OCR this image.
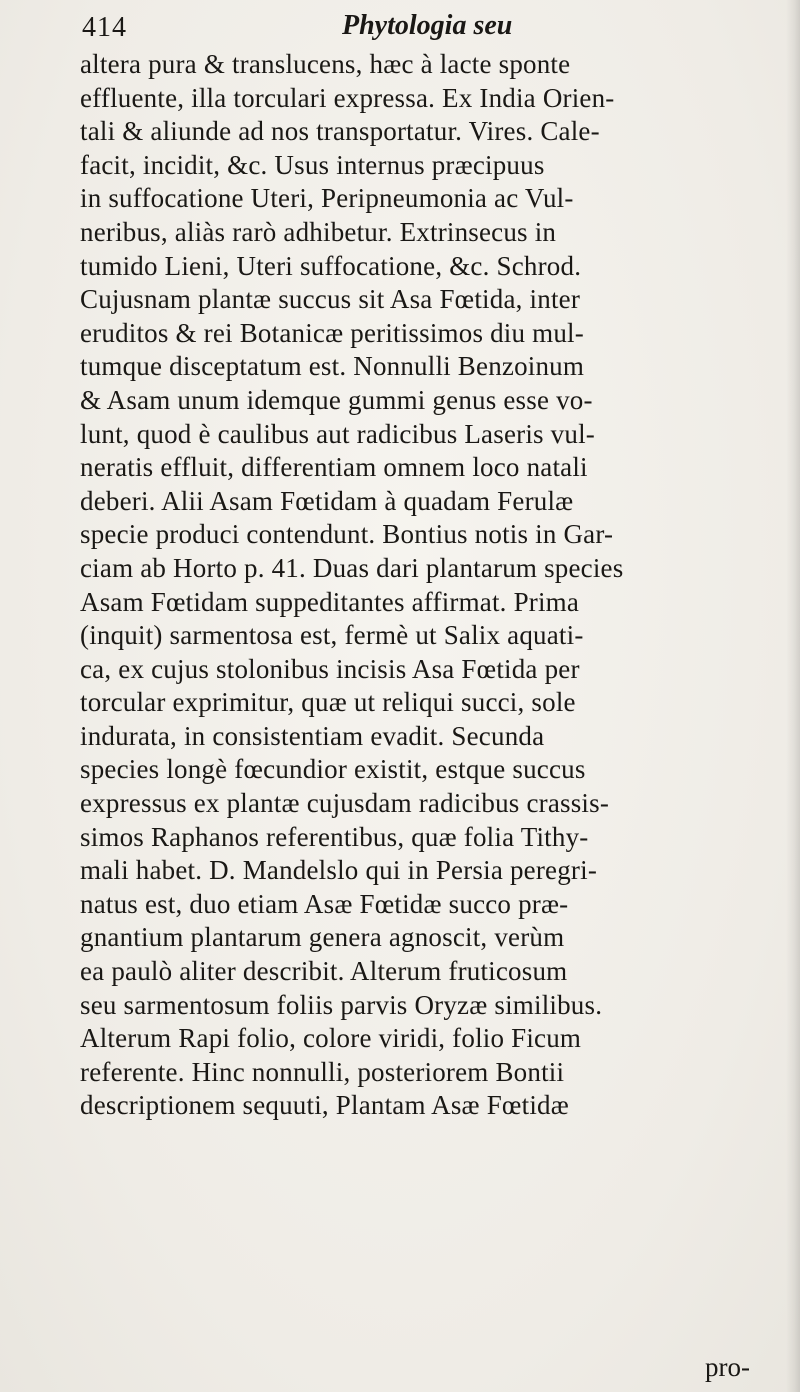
414	Phytologia seu
altera pura & translucens, hæc à lacte sponte
effluente, illa torculari expressa. Ex India Orien-
tali & aliunde ad nos transportatur. Vires. Cale-
facit, incidit, &c. Usus internus præcipuus
in suffocatione Uteri, Peripneumonia ac Vul-
neribus, aliàs rarò adhibetur. Extrinsecus in
tumido Lieni, Uteri suffocatione, &c. Schrod.
Cujusnam plantæ succus sit Asa Fœtida, inter
eruditos & rei Botanicæ peritissimos diu mul-
tumque disceptatum est. Nonnulli Benzoinum
& Asam unum idemque gummi genus esse vo-
lunt, quod è caulibus aut radicibus Laseris vul-
neratis effluit, differentiam omnem loco natali
deberi. Alii Asam Fœtidam à quadam Ferulæ
specie produci contendunt. Bontius notis in Gar-
ciam ab Horto p. 41. Duas dari plantarum species
Asam Fœtidam suppeditantes affirmat. Prima
(inquit) sarmentosa est, fermè ut Salix aquati-
ca, ex cujus stolonibus incisis Asa Fœtida per
torcular exprimitur, quæ ut reliqui succi, sole
indurata, in consistentiam evadit. Secunda
species longè fœcundior existit, estque succus
expressus ex plantæ cujusdam radicibus crassis-
simos Raphanos referentibus, quæ folia Tithy-
mali habet. D. Mandelslo qui in Persia peregri-
natus est, duo etiam Asæ Fœtidæ succo præ-
gnantium plantarum genera agnoscit, verùm
ea paulò aliter describit. Alterum fruticosum
seu sarmentosum foliis parvis Oryzæ similibus.
Alterum Rapi folio, colore viridi, folio Ficum
referente. Hinc nonnulli, posteriorem Bontii
descriptionem sequuti, Plantam Asæ Fœtidæ
pro-
